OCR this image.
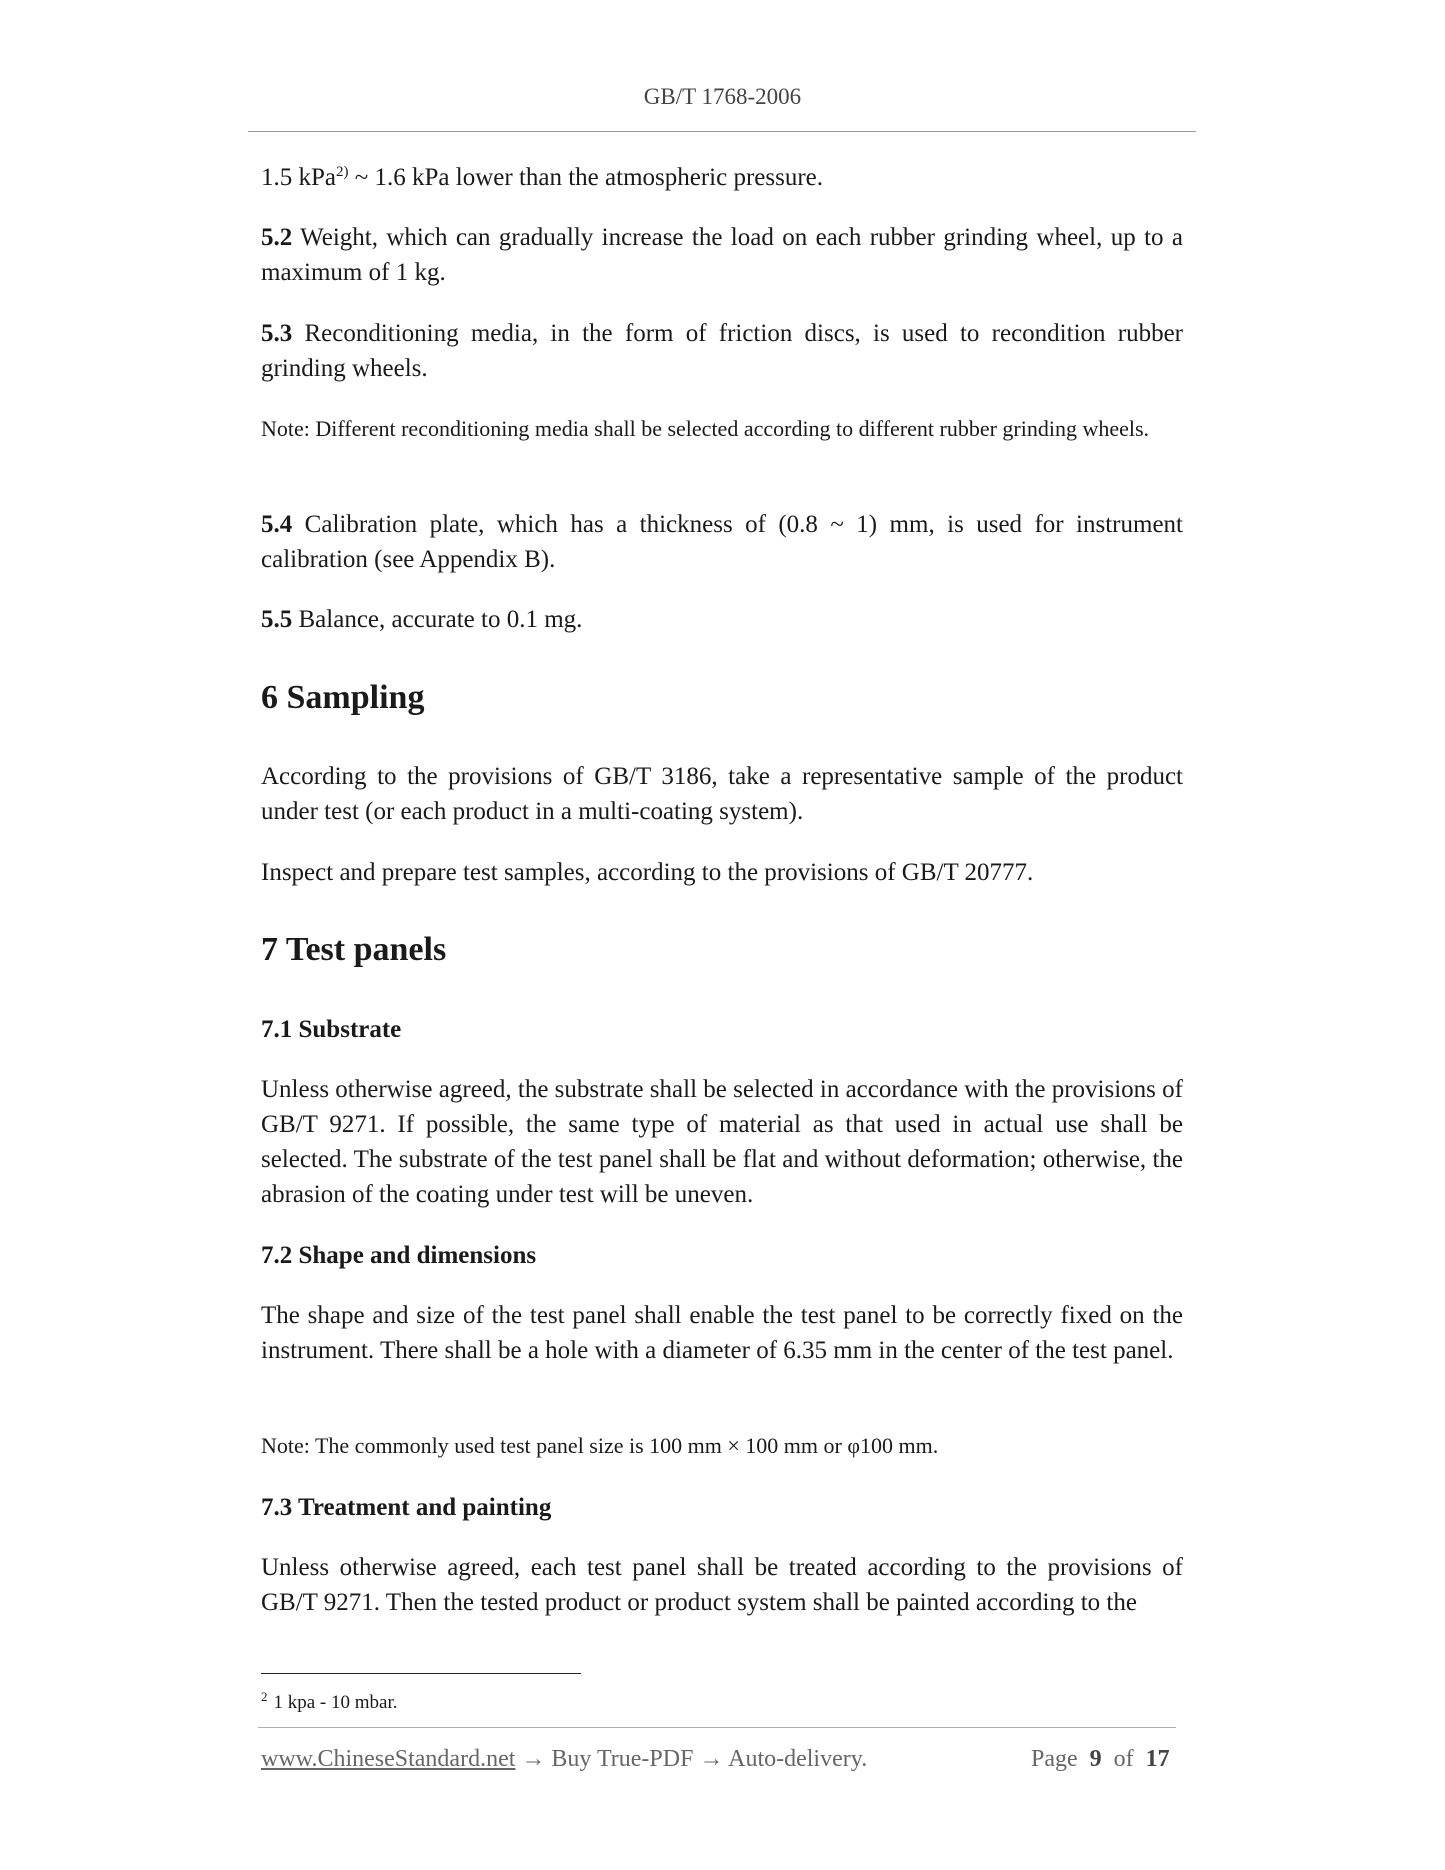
GB/T 1768-2006

1.5 kPa$^{2)}$ ~ 1.6 kPa lower than the atmospheric pressure.

5.2 Weight, which can gradually increase the load on each rubber grinding wheel, up to a maximum of 1 kg.

5.3 Reconditioning media, in the form of friction discs, is used to recondition rubber grinding wheels.

Note: Different reconditioning media shall be selected according to different rubber grinding wheels.

5.4 Calibration plate, which has a thickness of (0.8 ~ 1) mm, is used for instrument calibration (see Appendix B).

5.5 Balance, accurate to 0.1 mg.

6 Sampling

According to the provisions of GB/T 3186, take a representative sample of the product under test (or each product in a multi-coating system).

Inspect and prepare test samples, according to the provisions of GB/T 20777.

7 Test panels
7.1 Substrate

Unless otherwise agreed, the substrate shall be selected in accordance with the provisions of GB/T 9271. If possible, the same type of material as that used in actual use shall be selected. The substrate of the test panel shall be flat and without deformation; otherwise, the abrasion of the coating under test will be uneven.

7.2 Shape and dimensions

The shape and size of the test panel shall enable the test panel to be correctly fixed on the instrument. There shall be a hole with a diameter of 6.35 mm in the center of the test panel.

Note: The commonly used test panel size is 100 mm × 100 mm or φ100 mm.

7.3 Treatment and painting

Unless otherwise agreed, each test panel shall be treated according to the provisions of GB/T 9271. Then the tested product or product system shall be painted according to the

$^2$ 1 kpa - 10 mbar.
www.ChineseStandard.net → Buy True-PDF → Auto-delivery.	Page 9 of 17
